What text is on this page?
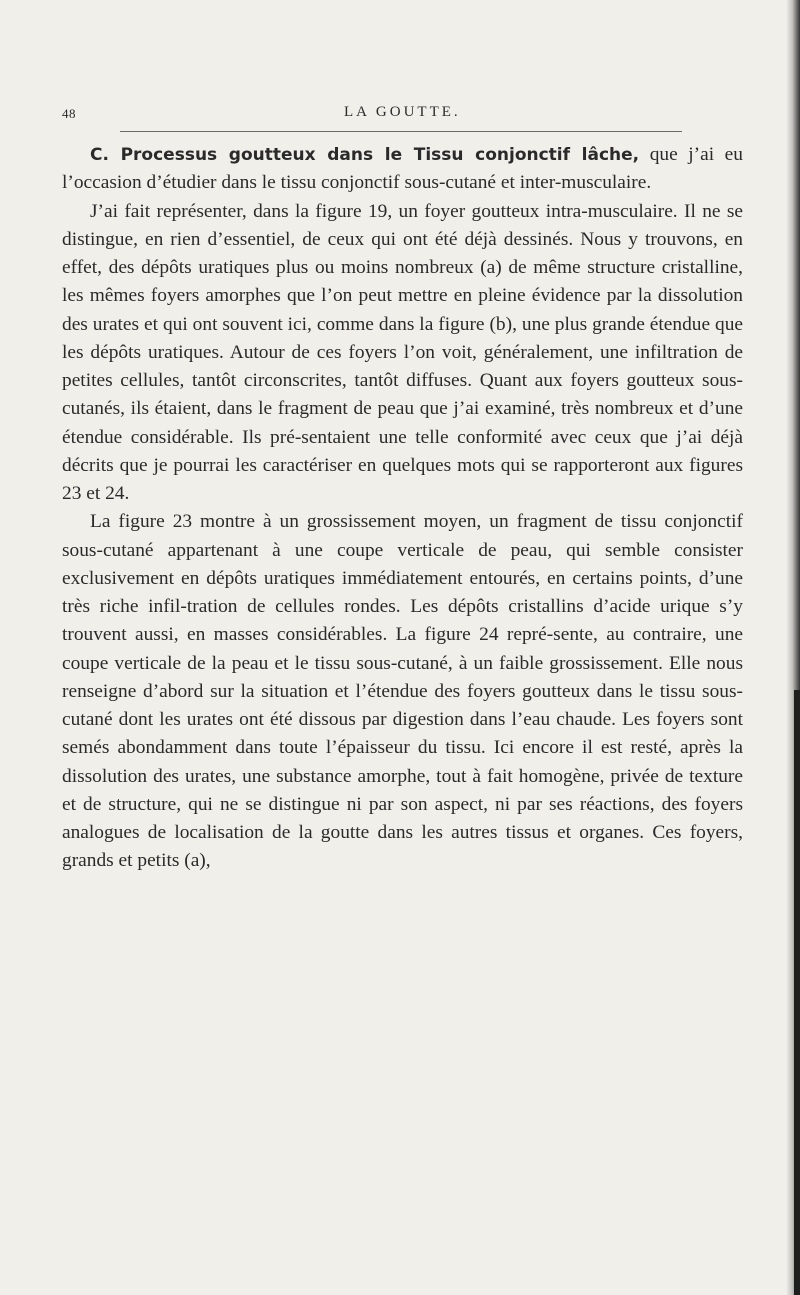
48	LA GOUTTE.

C. Processus goutteux dans le Tissu conjonctif lâche, que j’ai eu l’occasion d’étudier dans le tissu conjonctif sous-cutané et inter-musculaire.

J’ai fait représenter, dans la figure 19, un foyer goutteux intra-musculaire. Il ne se distingue, en rien d’essentiel, de ceux qui ont été déjà dessinés. Nous y trouvons, en effet, des dépôts uratiques plus ou moins nombreux (a) de même structure cristalline, les mêmes foyers amorphes que l’on peut mettre en pleine évidence par la dissolution des urates et qui ont souvent ici, comme dans la figure (b), une plus grande étendue que les dépôts uratiques. Autour de ces foyers l’on voit, généralement, une infiltration de petites cellules, tantôt circonscrites, tantôt diffuses. Quant aux foyers goutteux sous-cutanés, ils étaient, dans le fragment de peau que j’ai examiné, très nombreux et d’une étendue considérable. Ils pré-sentaient une telle conformité avec ceux que j’ai déjà décrits que je pourrai les caractériser en quelques mots qui se rapporteront aux figures 23 et 24.

La figure 23 montre à un grossissement moyen, un fragment de tissu conjonctif sous-cutané appartenant à une coupe verticale de peau, qui semble consister exclusivement en dépôts uratiques immédiatement entourés, en certains points, d’une très riche infil-tration de cellules rondes. Les dépôts cristallins d’acide urique s’y trouvent aussi, en masses considérables. La figure 24 repré-sente, au contraire, une coupe verticale de la peau et le tissu sous-cutané, à un faible grossissement. Elle nous renseigne d’abord sur la situation et l’étendue des foyers goutteux dans le tissu sous-cutané dont les urates ont été dissous par digestion dans l’eau chaude. Les foyers sont semés abondamment dans toute l’épaisseur du tissu. Ici encore il est resté, après la dissolution des urates, une substance amorphe, tout à fait homogène, privée de texture et de structure, qui ne se distingue ni par son aspect, ni par ses réactions, des foyers analogues de localisation de la goutte dans les autres tissus et organes. Ces foyers, grands et petits (a),
